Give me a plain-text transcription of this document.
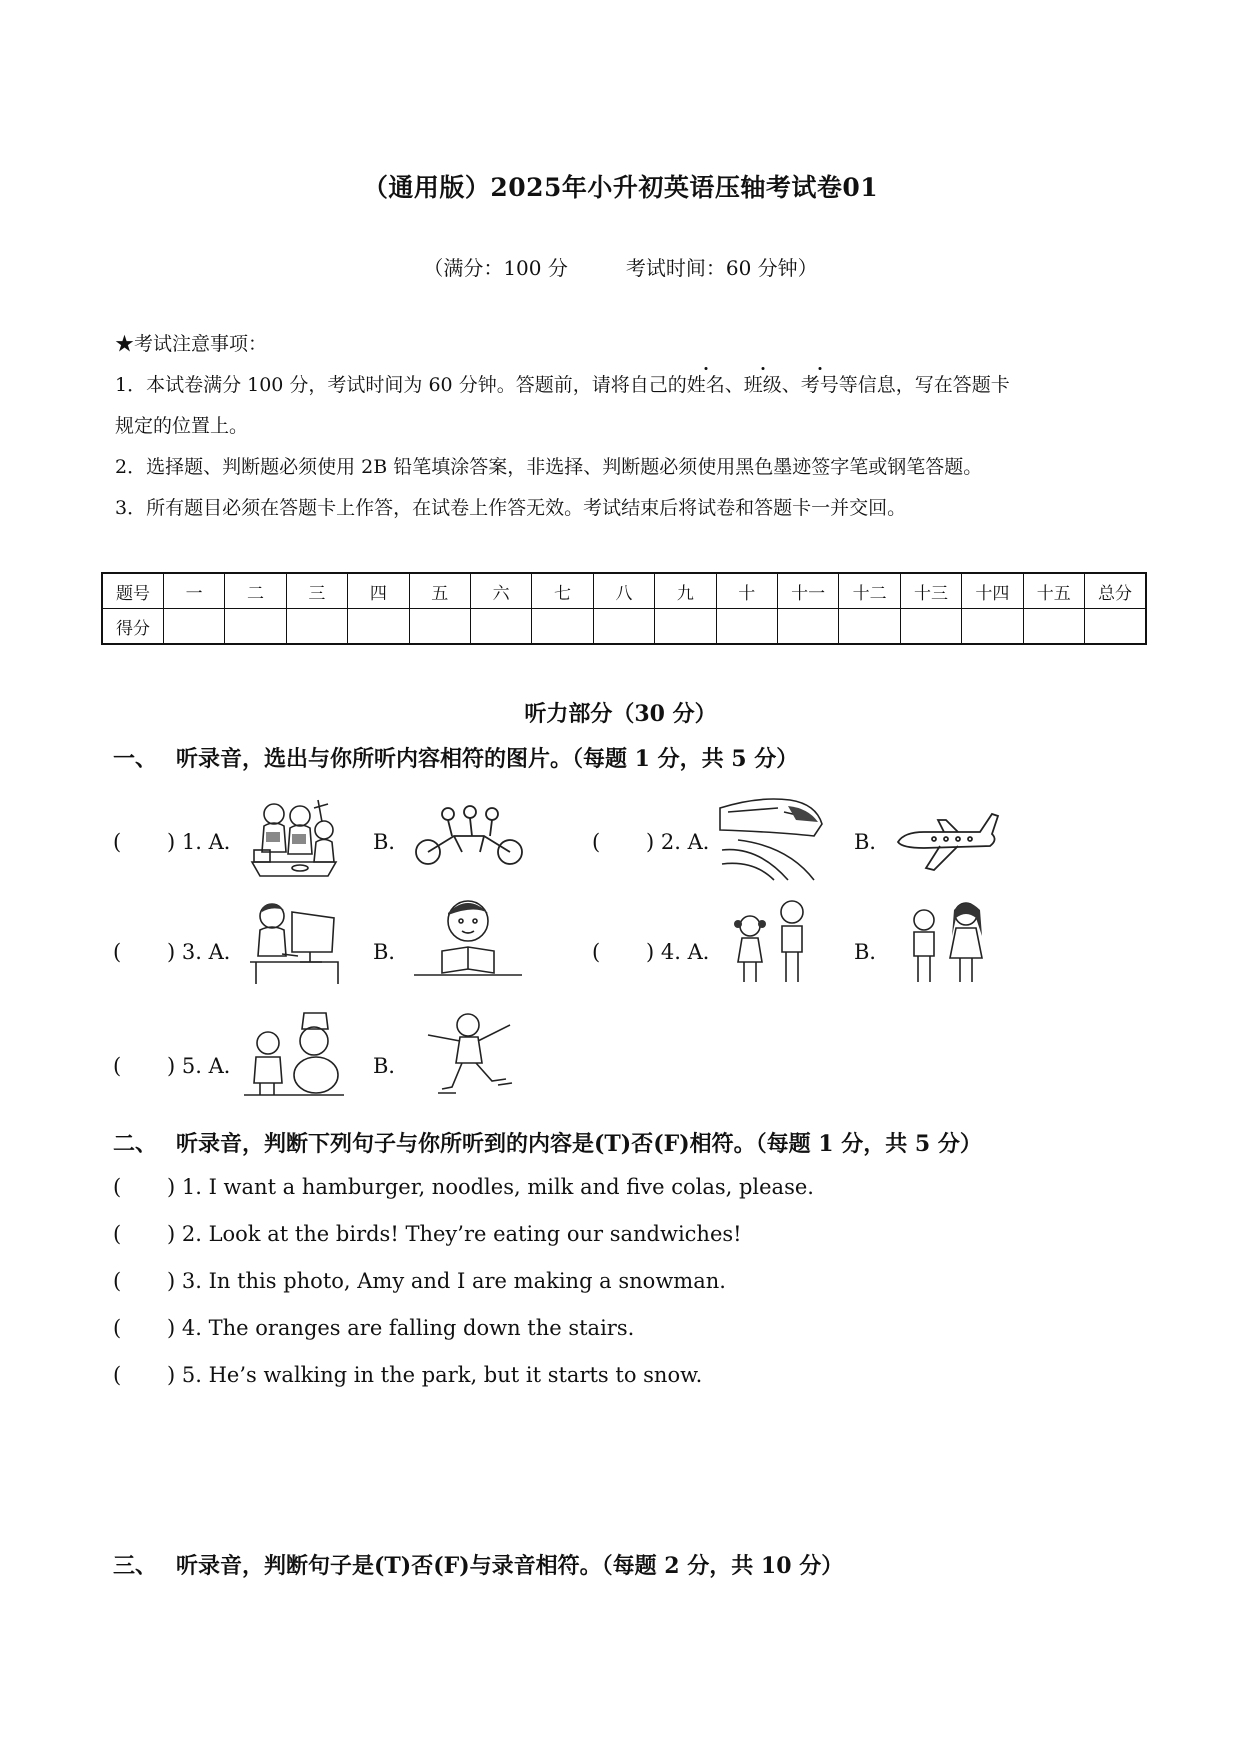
（通用版）2025年小升初英语压轴考试卷01
（满分：100 分	考试时间：60 分钟）
★考试注意事项：
1．本试卷满分 100 分，考试时间为 60 分钟。答题前，请将自己的姓名、班级、考号等信息，写在答题卡
规定的位置上。
2．选择题、判断题必须使用 2B 铅笔填涂答案，非选择、判断题必须使用黑色墨迹签字笔或钢笔答题。
3．所有题目必须在答题卡上作答，在试卷上作答无效。考试结束后将试卷和答题卡一并交回。
题号	一	二	三	四	五	六	七	八	九	十	十一	十二	十三	十四	十五	总分
得分																
听力部分（30 分）
一、 听录音，选出与你所听内容相符的图片。（每题 1 分，共 5 分）
( ) 1. A．	B．	( ) 2. A．	B．
( ) 3. A．	B．	( ) 4. A．	B．
( ) 5. A．	B．
二、 听录音，判断下列句子与你所听到的内容是(T)否(F)相符。（每题 1 分，共 5 分）
( ) 1. I want a hamburger, noodles, milk and five colas, please.
( ) 2. Look at the birds! They’re eating our sandwiches!
( ) 3. In this photo, Amy and I are making a snowman.
( ) 4. The oranges are falling down the stairs.
( ) 5. He’s walking in the park, but it starts to snow.
三、 听录音，判断句子是(T)否(F)与录音相符。（每题 2 分，共 10 分）
